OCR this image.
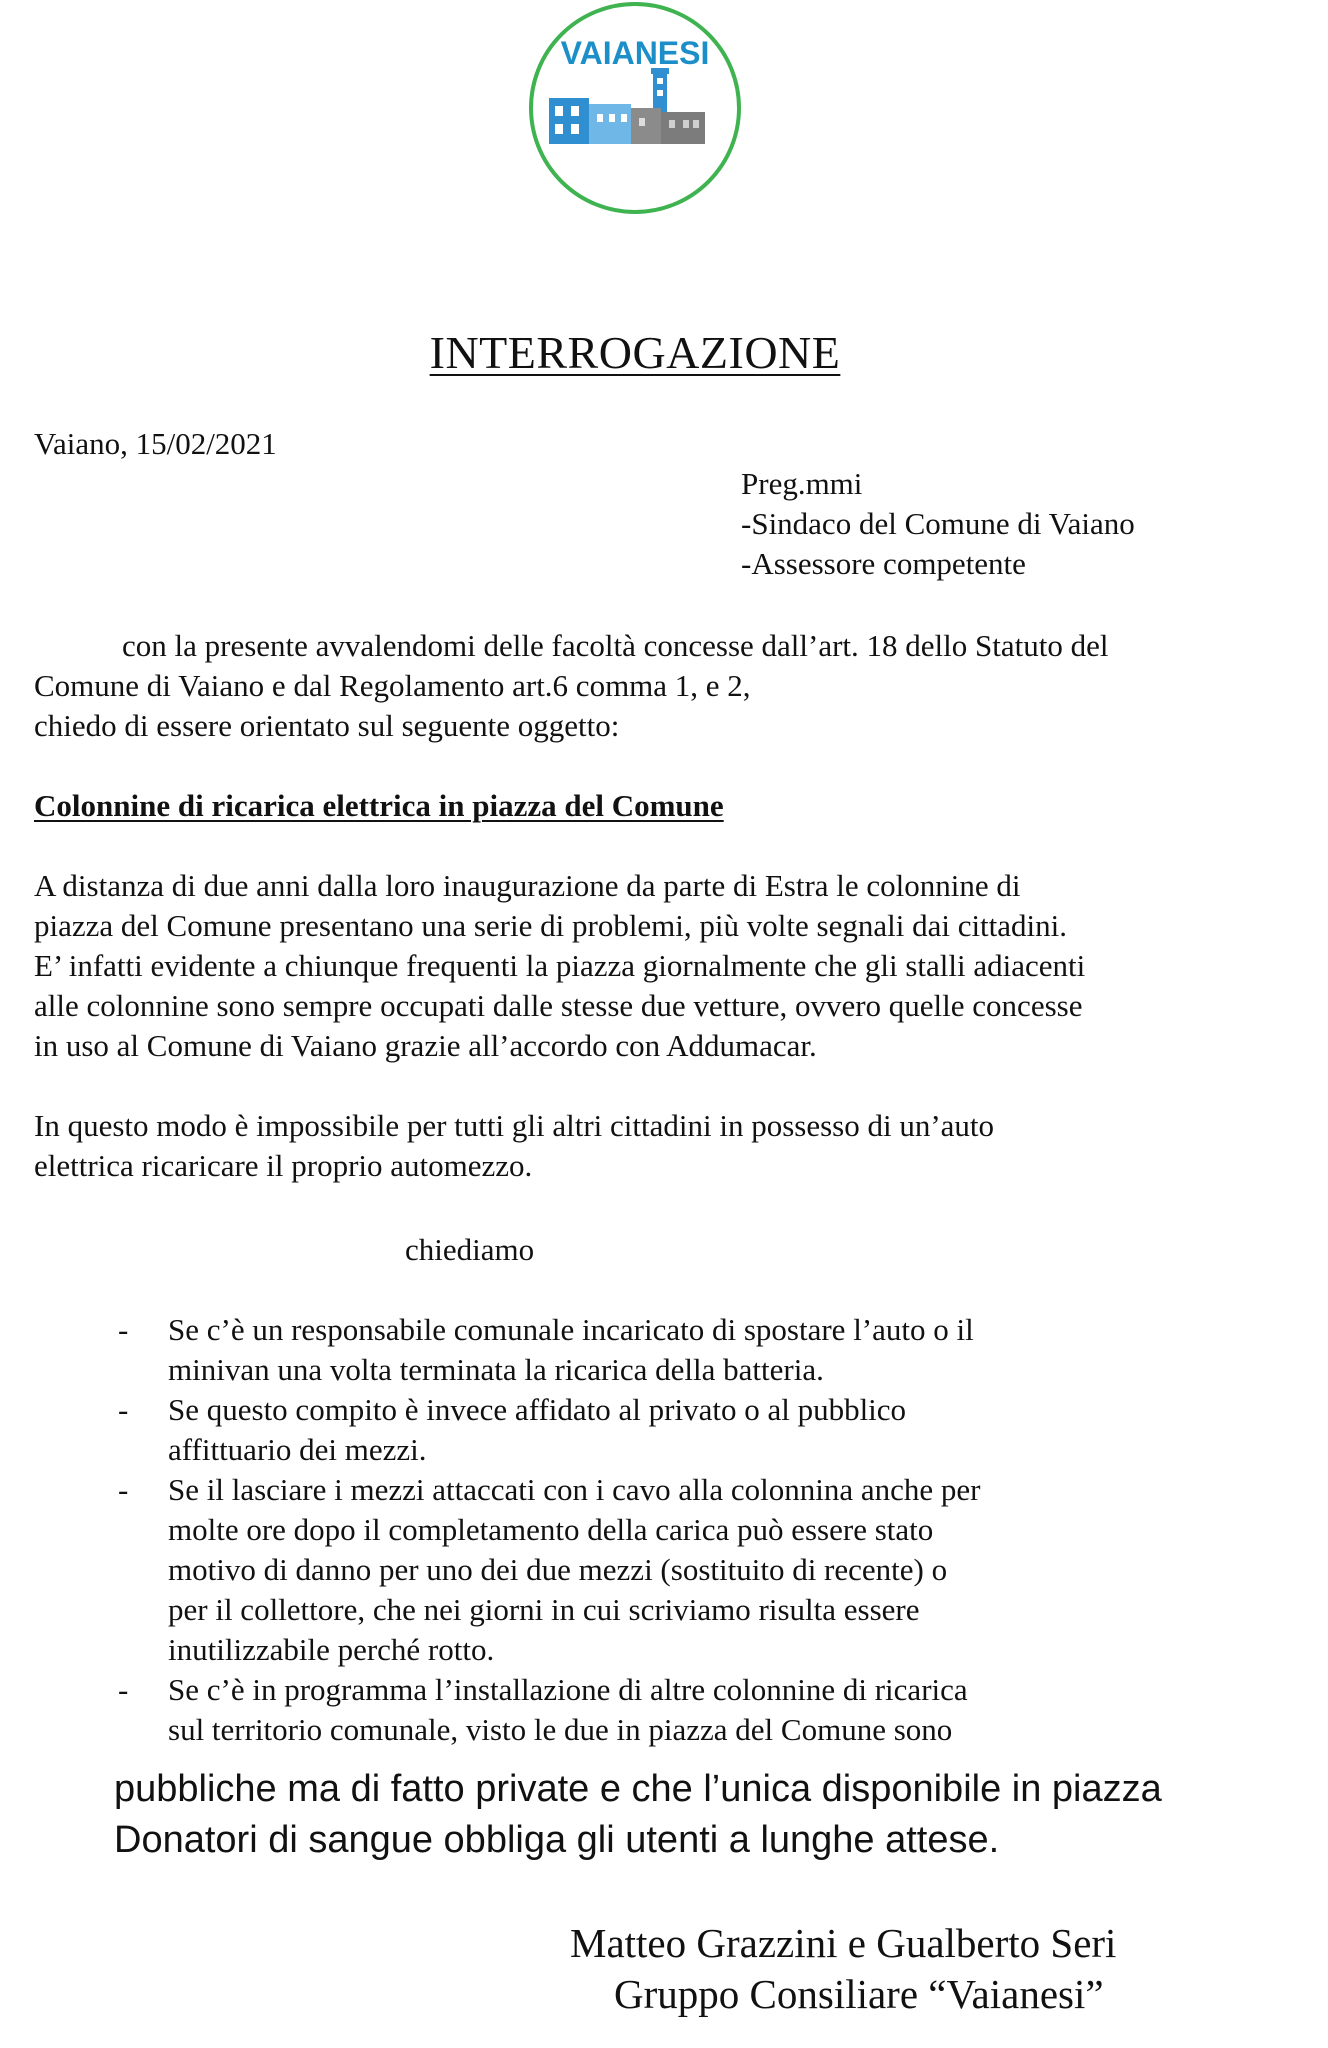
VAIANESI
INTERROGAZIONE
Vaiano, 15/02/2021
Preg.mmi
-Sindaco del Comune di Vaiano
-Assessore competente
con la presente avvalendomi delle facoltà concesse dall’art. 18 dello Statuto del
Comune di Vaiano e dal Regolamento art.6 comma 1, e 2,
chiedo di essere orientato sul seguente oggetto:
Colonnine di ricarica elettrica in piazza del Comune
A distanza di due anni dalla loro inaugurazione da parte di Estra le colonnine di
piazza del Comune presentano una serie di problemi, più volte segnali dai cittadini.
E’ infatti evidente a chiunque frequenti la piazza giornalmente che gli stalli adiacenti
alle colonnine sono sempre occupati dalle stesse due vetture, ovvero quelle concesse
in uso al Comune di Vaiano grazie all’accordo con Addumacar.
In questo modo è impossibile per tutti gli altri cittadini in possesso di un’auto
elettrica ricaricare il proprio automezzo.
chiediamo
- Se c’è un responsabile comunale incaricato di spostare l’auto o il
minivan una volta terminata la ricarica della batteria.
- Se questo compito è invece affidato al privato o al pubblico
affittuario dei mezzi.
- Se il lasciare i mezzi attaccati con i cavo alla colonnina anche per
molte ore dopo il completamento della carica può essere stato
motivo di danno per uno dei due mezzi (sostituito di recente) o
per il collettore, che nei giorni in cui scriviamo risulta essere
inutilizzabile perché rotto.
- Se c’è in programma l’installazione di altre colonnine di ricarica
sul territorio comunale, visto le due in piazza del Comune sono
pubbliche ma di fatto private e che l’unica disponibile in piazza
Donatori di sangue obbliga gli utenti a lunghe attese.
Matteo Grazzini e Gualberto Seri
Gruppo Consiliare “Vaianesi”
